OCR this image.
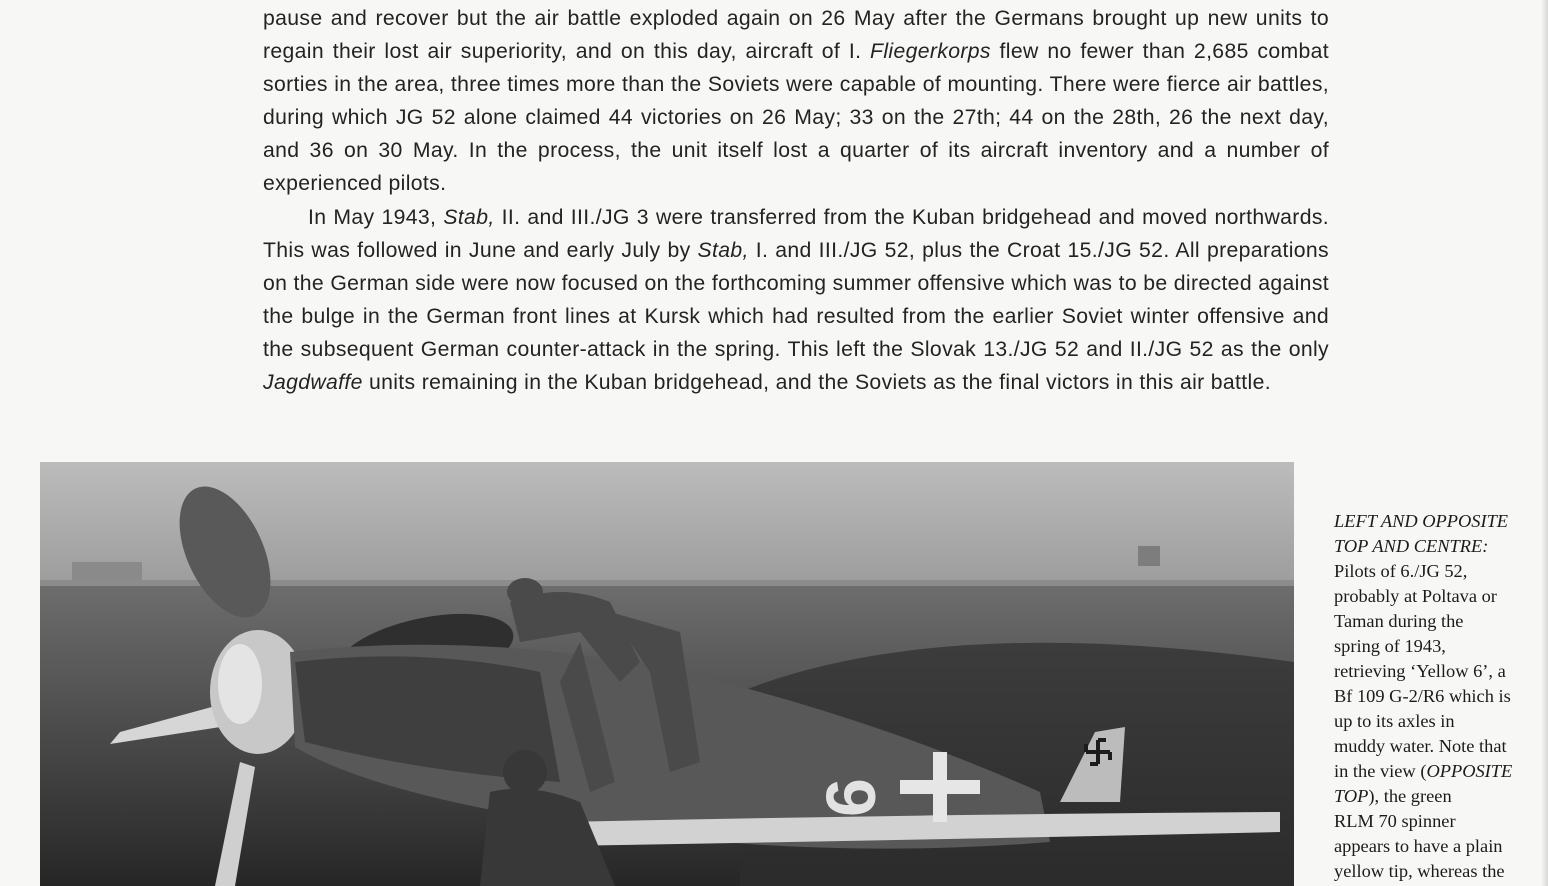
pause and recover but the air battle exploded again on 26 May after the Germans brought up new units to regain their lost air superiority, and on this day, aircraft of I. Fliegerkorps flew no fewer than 2,685 combat sorties in the area, three times more than the Soviets were capable of mounting. There were fierce air battles, during which JG 52 alone claimed 44 victories on 26 May; 33 on the 27th; 44 on the 28th, 26 the next day, and 36 on 30 May. In the process, the unit itself lost a quarter of its aircraft inventory and a number of experienced pilots.

In May 1943, Stab, II. and III./JG 3 were transferred from the Kuban bridgehead and moved northwards. This was followed in June and early July by Stab, I. and III./JG 52, plus the Croat 15./JG 52. All preparations on the German side were now focused on the forthcoming summer offensive which was to be directed against the bulge in the German front lines at Kursk which had resulted from the earlier Soviet winter offensive and the subsequent German counter-attack in the spring. This left the Slovak 13./JG 52 and II./JG 52 as the only Jagdwaffe units remaining in the Kuban bridgehead, and the Soviets as the final victors in this air battle.

6
LEFT AND OPPOSITE
TOP AND CENTRE:
Pilots of 6./JG 52,
probably at Poltava or
Taman during the
spring of 1943,
retrieving ‘Yellow 6’, a
Bf 109 G-2/R6 which is
up to its axles in
muddy water. Note that
in the view (OPPOSITE
TOP), the green
RLM 70 spinner
appears to have a plain
yellow tip, whereas the
